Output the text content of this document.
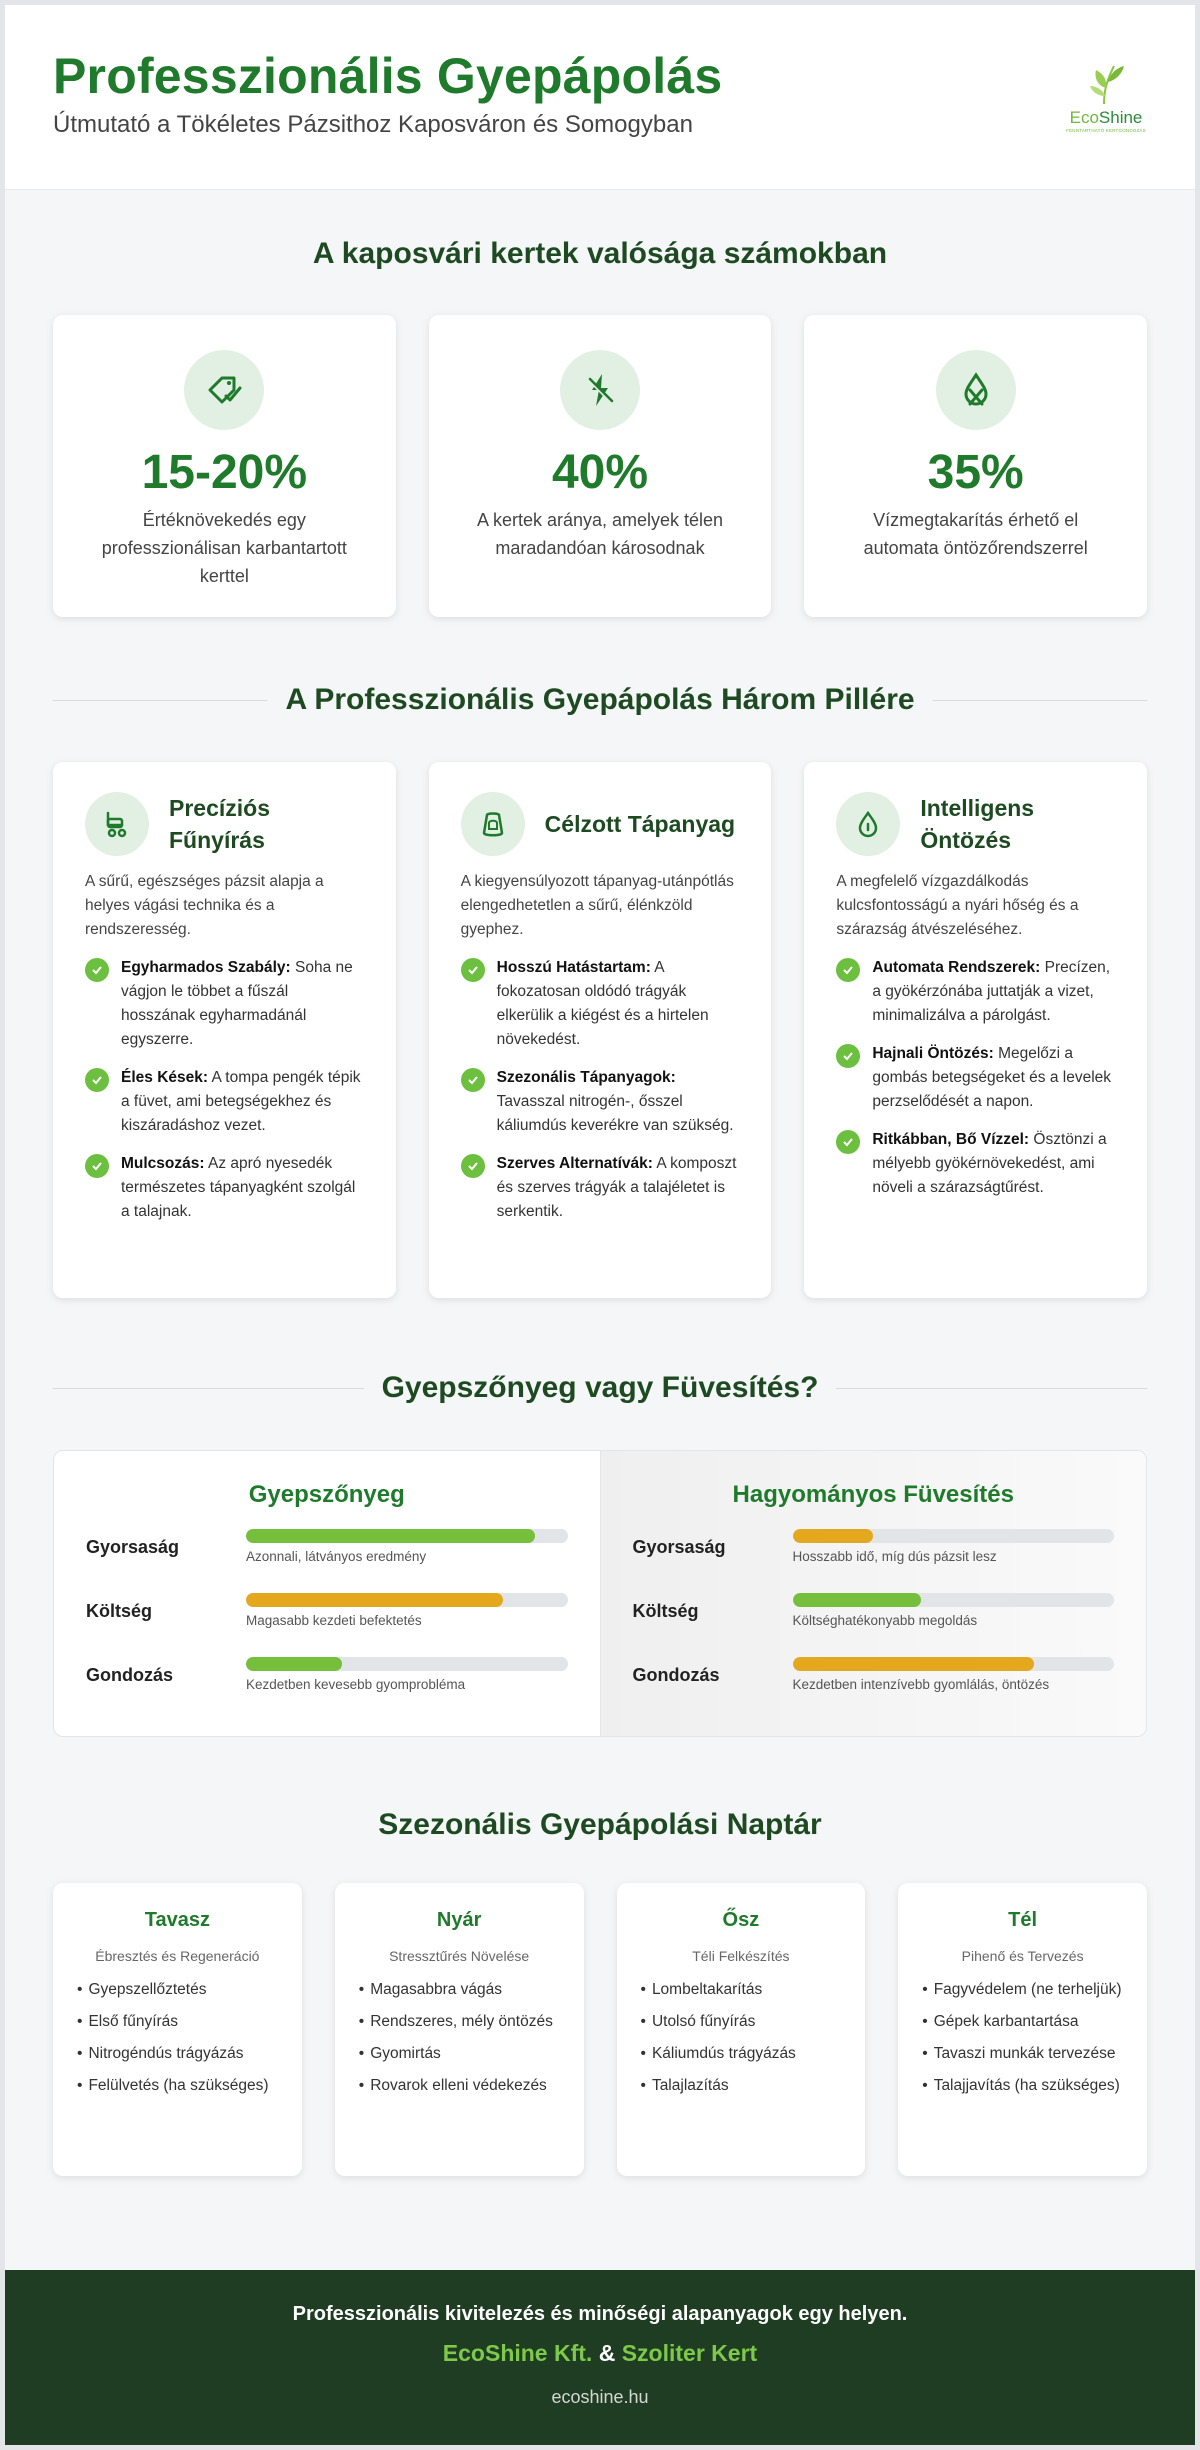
Professzionális Gyepápolás
Útmutató a Tökéletes Pázsithoz Kaposváron és Somogyban	EcoShine
FENNTARTHATÓ KERTGONDOZÁS
A kaposvári kertek valósága számokban
15-20%
Értéknövekedés egy professzionálisan karbantartott kerttel
40%
A kertek aránya, amelyek télen maradandóan károsodnak
35%
Vízmegtakarítás érhető el automata öntözőrendszerrel
A Professzionális Gyepápolás Három Pillére
Precíziós Fűnyírás

A sűrű, egészséges pázsit alapja a helyes vágási technika és a rendszeresség.

Egyharmados Szabály: Soha ne vágjon le többet a fűszál hosszának egyharmadánál egyszerre.
Éles Kések: A tompa pengék tépik a füvet, ami betegségekhez és kiszáradáshoz vezet.
Mulcsozás: Az apró nyesedék természetes tápanyagként szolgál a talajnak.
Célzott Tápanyag

A kiegyensúlyozott tápanyag-utánpótlás elengedhetetlen a sűrű, élénkzöld gyephez.

Hosszú Hatástartam: A fokozatosan oldódó trágyák elkerülik a kiégést és a hirtelen növekedést.
Szezonális Tápanyagok: Tavasszal nitrogén-, ősszel káliumdús keverékre van szükség.
Szerves Alternatívák: A komposzt és szerves trágyák a talajéletet is serkentik.
Intelligens Öntözés

A megfelelő vízgazdálkodás kulcsfontosságú a nyári hőség és a szárazság átvészeléséhez.

Automata Rendszerek: Precízen, a gyökérzónába juttatják a vizet, minimalizálva a párolgást.
Hajnali Öntözés: Megelőzi a gombás betegségeket és a levelek perzselődését a napon.
Ritkábban, Bő Vízzel: Ösztönzi a mélyebb gyökérnövekedést, ami növeli a szárazságtűrést.
Gyepszőnyeg vagy Füvesítés?
Gyepszőnyeg
Gyorsaság	Azonnali, látványos eredmény
Költség	Magasabb kezdeti befektetés
Gondozás	Kezdetben kevesebb gyomprobléma
Hagyományos Füvesítés
Gyorsaság	Hosszabb idő, míg dús pázsit lesz
Költség	Költséghatékonyabb megoldás
Gondozás	Kezdetben intenzívebb gyomlálás, öntözés
Szezonális Gyepápolási Naptár
Tavasz
Ébresztés és Regeneráció
• Gyepszellőztetés
• Első fűnyírás
• Nitrogéndús trágyázás
• Felülvetés (ha szükséges)
Nyár
Stressztűrés Növelése
• Magasabbra vágás
• Rendszeres, mély öntözés
• Gyomirtás
• Rovarok elleni védekezés
Ősz
Téli Felkészítés
• Lombeltakarítás
• Utolsó fűnyírás
• Káliumdús trágyázás
• Talajlazítás
Tél
Pihenő és Tervezés
• Fagyvédelem (ne terheljük)
• Gépek karbantartása
• Tavaszi munkák tervezése
• Talajjavítás (ha szükséges)
Professzionális kivitelezés és minőségi alapanyagok egy helyen.
EcoShine Kft. & Szoliter Kert
ecoshine.hu
